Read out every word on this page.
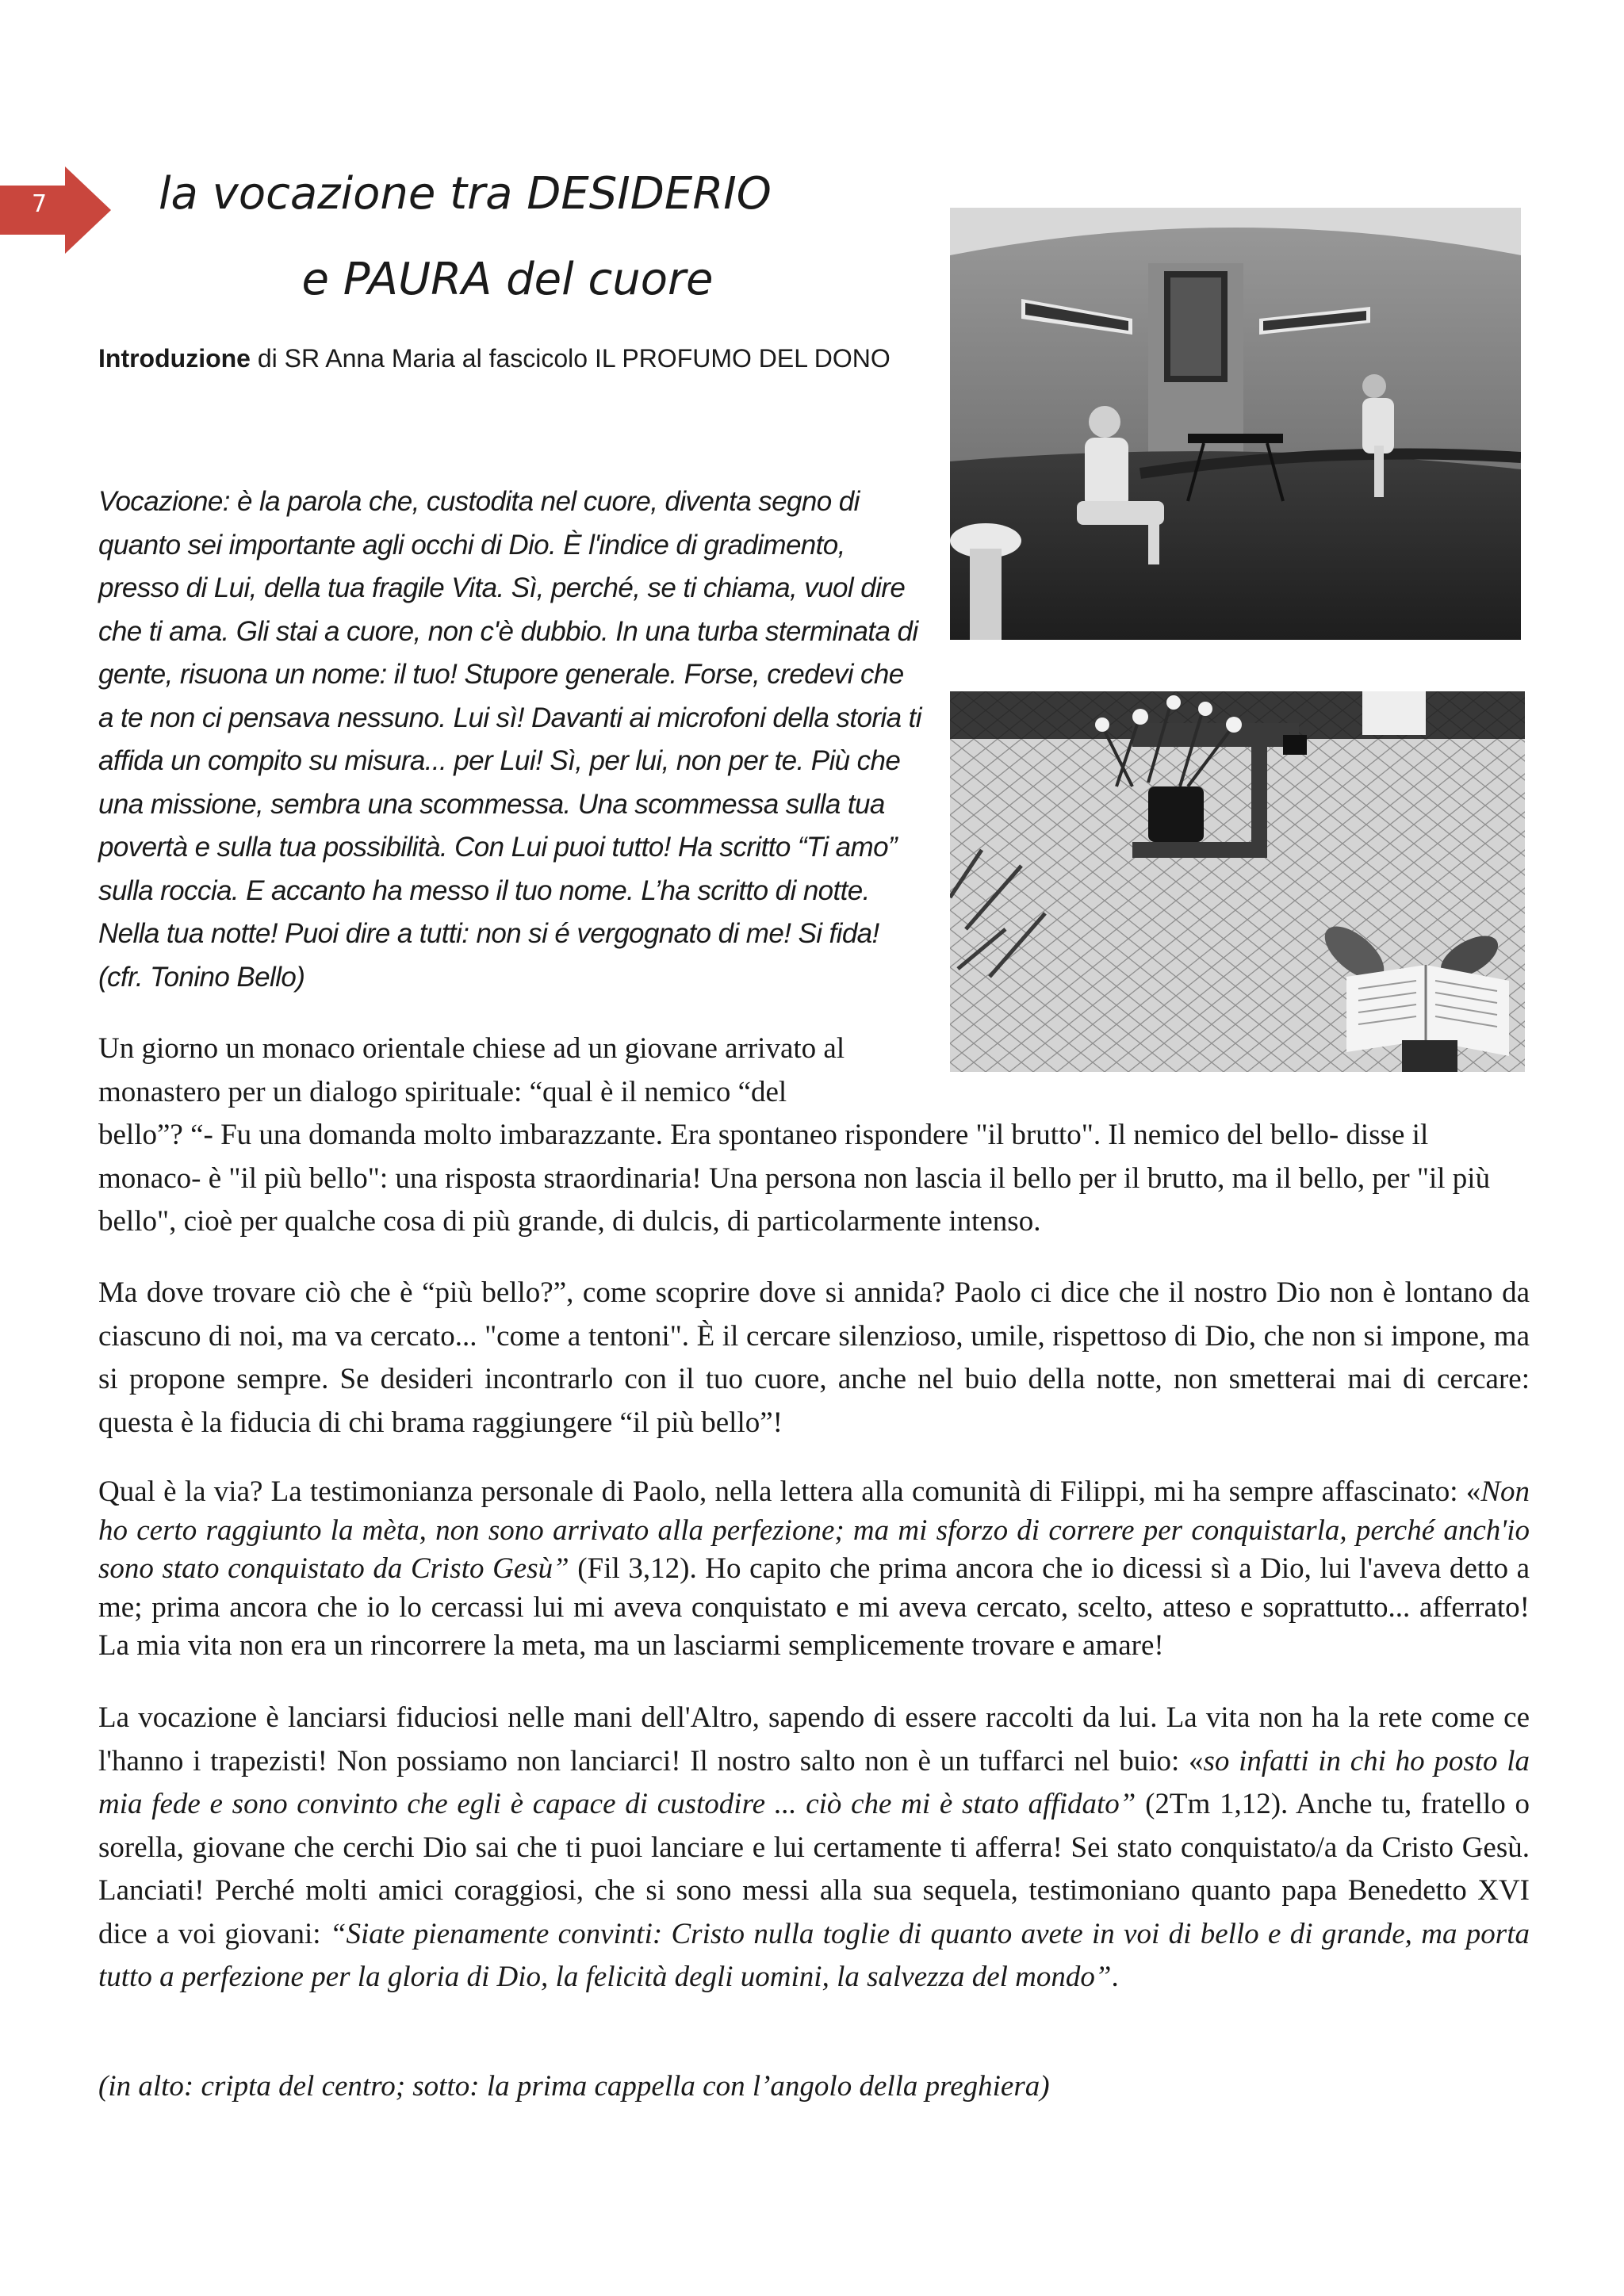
7	la vocazione tra DESIDERIO
e PAURA del cuore
Introduzione di SR Anna Maria al fascicolo IL PROFUMO DEL DONO

Vocazione: è la parola che, custodita nel cuore, diventa segno di quanto sei importante agli occhi di Dio. È l'indice di gradimento, presso di Lui, della tua fragile Vita. Sì, perché, se ti chiama, vuol dire che ti ama. Gli stai a cuore, non c'è dubbio. In una turba sterminata di gente, risuona un nome: il tuo! Stupore generale. Forse, credevi che a te non ci pensava nessuno. Lui sì! Davanti ai microfoni della storia ti affida un compito su misura... per Lui! Sì, per lui, non per te. Più che una missione, sembra una scommessa. Una scommessa sulla tua povertà e sulla tua possibilità. Con Lui puoi tutto! Ha scritto “Ti amo” sulla roccia. E accanto ha messo il tuo nome. L’ha scritto di notte. Nella tua notte! Puoi dire a tutti: non si é vergognato di me! Si fida! (cfr. Tonino Bello)

Un giorno un monaco orientale chiese ad un giovane arrivato al monastero per un dialogo spirituale: “qual è il nemico “del

bello”? “- Fu una domanda molto imbarazzante. Era spontaneo rispondere "il brutto". Il nemico del bello- disse il monaco- è "il più bello": una risposta straordinaria! Una persona non lascia il bello per il brutto, ma il bello, per "il più bello", cioè per qualche cosa di più grande, di dulcis, di particolarmente intenso.

Ma dove trovare ciò che è “più bello?”, come scoprire dove si annida? Paolo ci dice che il nostro Dio non è lontano da ciascuno di noi, ma va cercato... "come a tentoni". È il cercare silenzioso, umile, rispettoso di Dio, che non si impone, ma si propone sempre. Se desideri incontrarlo con il tuo cuore, anche nel buio della notte, non smetterai mai di cercare: questa è la fiducia di chi brama raggiungere “il più bello”!

Qual è la via? La testimonianza personale di Paolo, nella lettera alla comunità di Filippi, mi ha sempre affascinato: «Non ho certo raggiunto la mèta, non sono arrivato alla perfezione; ma mi sforzo di correre per conquistarla, perché anch'io sono stato conquistato da Cristo Gesù” (Fil 3,12). Ho capito che prima ancora che io dicessi sì a Dio, lui l'aveva detto a me; prima ancora che io lo cercassi lui mi aveva conquistato e mi aveva cercato, scelto, atteso e soprattutto... afferrato! La mia vita non era un rincorrere la meta, ma un lasciarmi semplicemente trovare e amare!

La vocazione è lanciarsi fiduciosi nelle mani dell'Altro, sapendo di essere raccolti da lui. La vita non ha la rete come ce l'hanno i trapezisti! Non possiamo non lanciarci! Il nostro salto non è un tuffarci nel buio: «so infatti in chi ho posto la mia fede e sono convinto che egli è capace di custodire ... ciò che mi è stato affidato” (2Tm 1,12). Anche tu, fratello o sorella, giovane che cerchi Dio sai che ti puoi lanciare e lui certamente ti afferra! Sei stato conquistato/a da Cristo Gesù. Lanciati! Perché molti amici coraggiosi, che si sono messi alla sua sequela, testimoniano quanto papa Benedetto XVI dice a voi giovani: “Siate pienamente convinti: Cristo nulla toglie di quanto avete in voi di bello e di grande, ma porta tutto a perfezione per la gloria di Dio, la felicità degli uomini, la salvezza del mondo”.

(in alto: cripta del centro; sotto: la prima cappella con l’angolo della preghiera)
